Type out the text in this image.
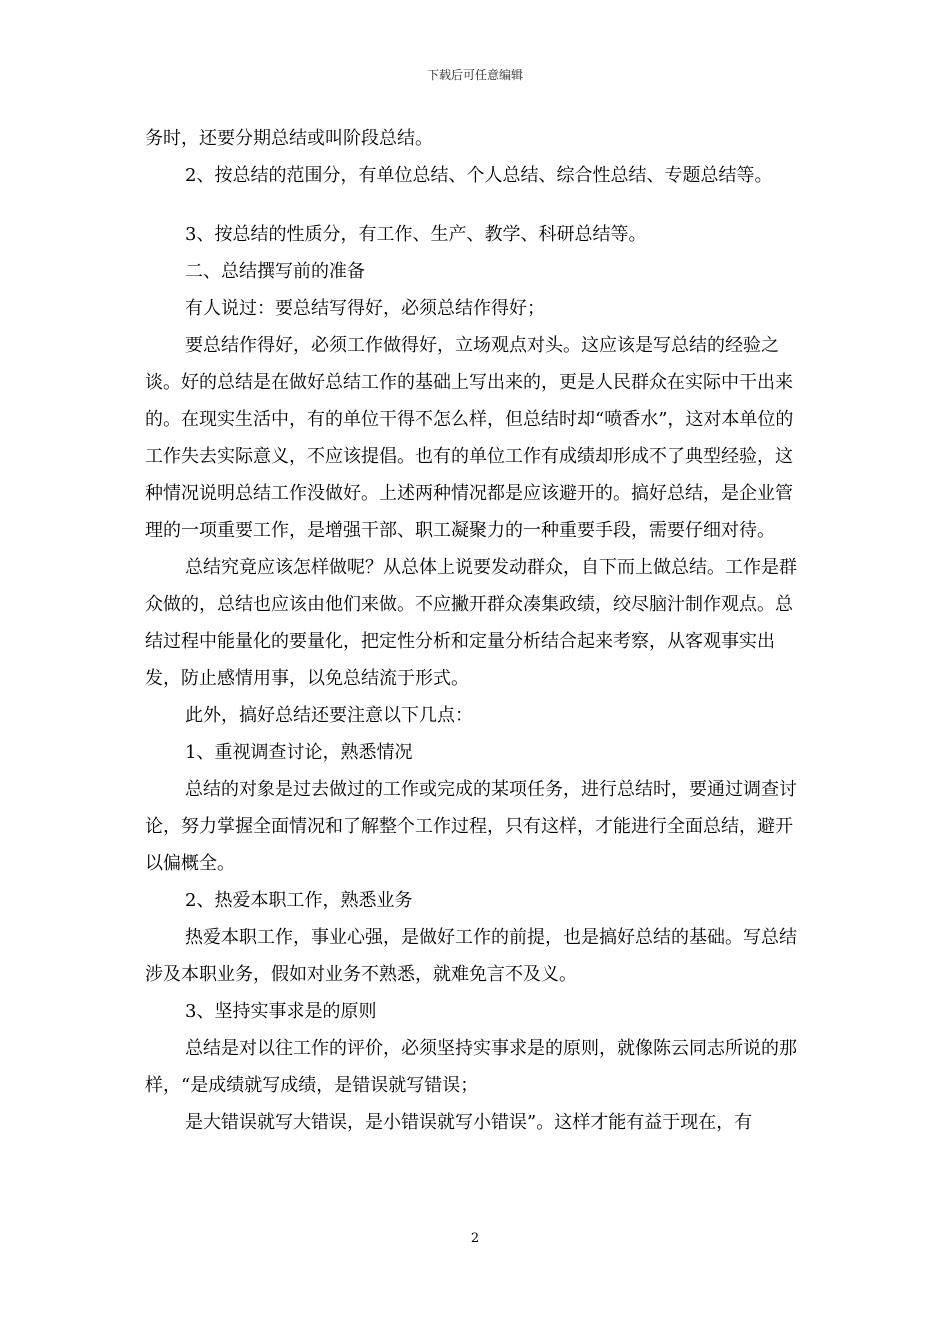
下载后可任意编辑

务时，还要分期总结或叫阶段总结。

2、按总结的范围分，有单位总结、个人总结、综合性总结、专题总结等。

3、按总结的性质分，有工作、生产、教学、科研总结等。

二、总结撰写前的准备

有人说过：要总结写得好，必须总结作得好；

要总结作得好，必须工作做得好，立场观点对头。这应该是写总结的经验之谈。好的总结是在做好总结工作的基础上写出来的，更是人民群众在实际中干出来的。在现实生活中，有的单位干得不怎么样，但总结时却“喷香水”，这对本单位的工作失去实际意义，不应该提倡。也有的单位工作有成绩却形成不了典型经验，这种情况说明总结工作没做好。上述两种情况都是应该避开的。搞好总结，是企业管理的一项重要工作，是增强干部、职工凝聚力的一种重要手段，需要仔细对待。

总结究竟应该怎样做呢？从总体上说要发动群众，自下而上做总结。工作是群众做的，总结也应该由他们来做。不应撇开群众凑集政绩，绞尽脑汁制作观点。总结过程中能量化的要量化，把定性分析和定量分析结合起来考察，从客观事实出发，防止感情用事，以免总结流于形式。

此外，搞好总结还要注意以下几点：

1、重视调查讨论，熟悉情况

总结的对象是过去做过的工作或完成的某项任务，进行总结时，要通过调查讨论，努力掌握全面情况和了解整个工作过程，只有这样，才能进行全面总结，避开以偏概全。

2、热爱本职工作，熟悉业务

热爱本职工作，事业心强，是做好工作的前提，也是搞好总结的基础。写总结涉及本职业务，假如对业务不熟悉，就难免言不及义。

3、坚持实事求是的原则

总结是对以往工作的评价，必须坚持实事求是的原则，就像陈云同志所说的那样，“是成绩就写成绩，是错误就写错误；

是大错误就写大错误，是小错误就写小错误”。这样才能有益于现在，有

2
